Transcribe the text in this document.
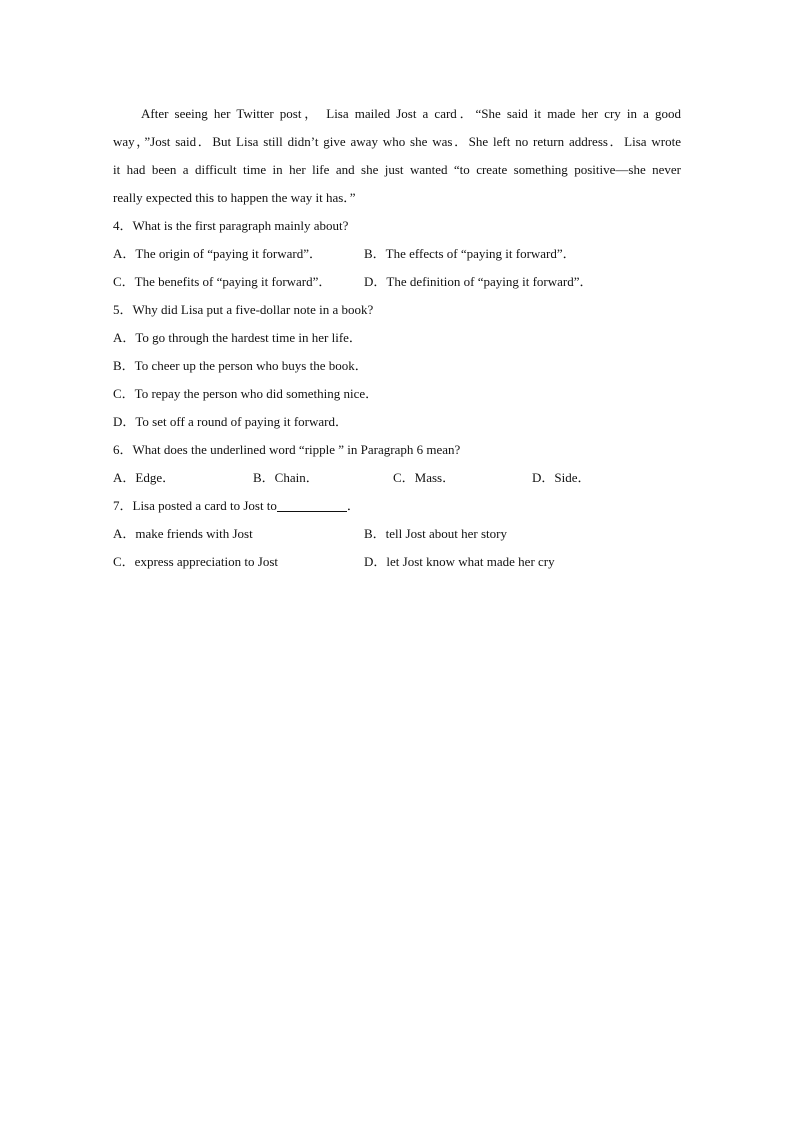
After seeing her Twitter post， Lisa mailed Jost a card．“She said it made her cry in a good
way，”Jost said．But Lisa still didn’t give away who she was．She left no return address．Lisa wrote
it had been a difficult time in her life and she just wanted “to create something positive—she never
really expected this to happen the way it has．”

4．What is the first paragraph mainly about?
A．The origin of “paying it forward”．	B．The effects of “paying it forward”．
C．The benefits of “paying it forward”．	D．The definition of “paying it forward”．
5．Why did Lisa put a five-dollar note in a book?
A．To go through the hardest time in her life．
B．To cheer up the person who buys the book．
C．To repay the person who did something nice．
D．To set off a round of paying it forward．
6．What does the underlined word “ripple ” in Paragraph 6 mean?
A．Edge．	B．Chain．	C．Mass．	D．Side．
7．Lisa posted a card to Jost to	．
A．make friends with Jost	B．tell Jost about her story
C．express appreciation to Jost	D．let Jost know what made her cry
